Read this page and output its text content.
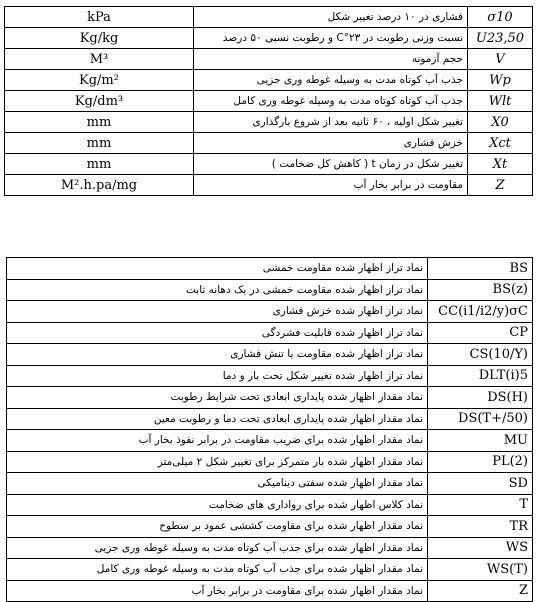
kPa	فشاری در ۱۰ درصد تغییر شکل	σ10
Kg/kg	نسبت وزنی رطوبت در ۲۳°C و رطوبت نسبی ۵۰ درصد	U23,50
M³	حجم آزمونه	V
Kg/m²	جذب آب کوتاه مدت به وسیله غوطه وری جزیی	Wp
Kg/dm³	جذب آب کوتاه کوتاه مدت به وسیله غوطه وری کامل	Wlt
mm	تغییر شکل اولیه ، ۶۰ ثانیه بعد از شروع بارگذاری	X0
mm	خزش فشاری	Xct
mm	تغییر شکل در زمان t ( کاهش کل ضخامت )	Xt
M².h.pa/mg	مقاومت در برابر بخار آب	Z
نماد تراز اظهار شده مقاومت خمشی	BS
نماد تراز اظهار شده مقاومت خمشی در یک دهانه ثابت	BS(z)
نماد تراز اظهار شده خزش فشاری	CC(i1/i2/y)σC
نماد تراز اظهار شده قابلیت فشردگی	CP
نماد تراز اظهار شده مقاومت یا تنش فشاری	CS(10/Y)
نماد تراز اظهار شده تغییر شکل تحت بار و دما	DLT(i)5
نماد مقدار اظهار شده پایداری ابعادی تحت شرایط رطوبت	DS(H)
نماد مقدار اظهار شده پایداری ابعادی تحت دما و رطوبت معین	DS(T+/50)
نماد مقدار اظهار شده برای ضریب مقاومت در برابر نفوذ بخار آب	MU
نماد مقدار اظهار شده بار متمرکز برای تغییر شکل ۲ میلی‌متر	PL(2)
نماد مقدار اظهار شده سفتی دینامیکی	SD
نماد کلاس اظهار شده برای رواداری های ضخامت	T
نماد مقدار اظهار شده برای مقاومت کششی عمود بر سطوح	TR
نماد مقدار اظهار شده برای جذب آب کوتاه مدت به وسیله غوطه وری جزیی	WS
نماد مقدار اظهار شده برای جذب آب کوتاه مدت به وسیله غوطه وری کامل	WS(T)
نماد مقدار اظهار شده برای مقاومت در برابر بخار آب	Z
